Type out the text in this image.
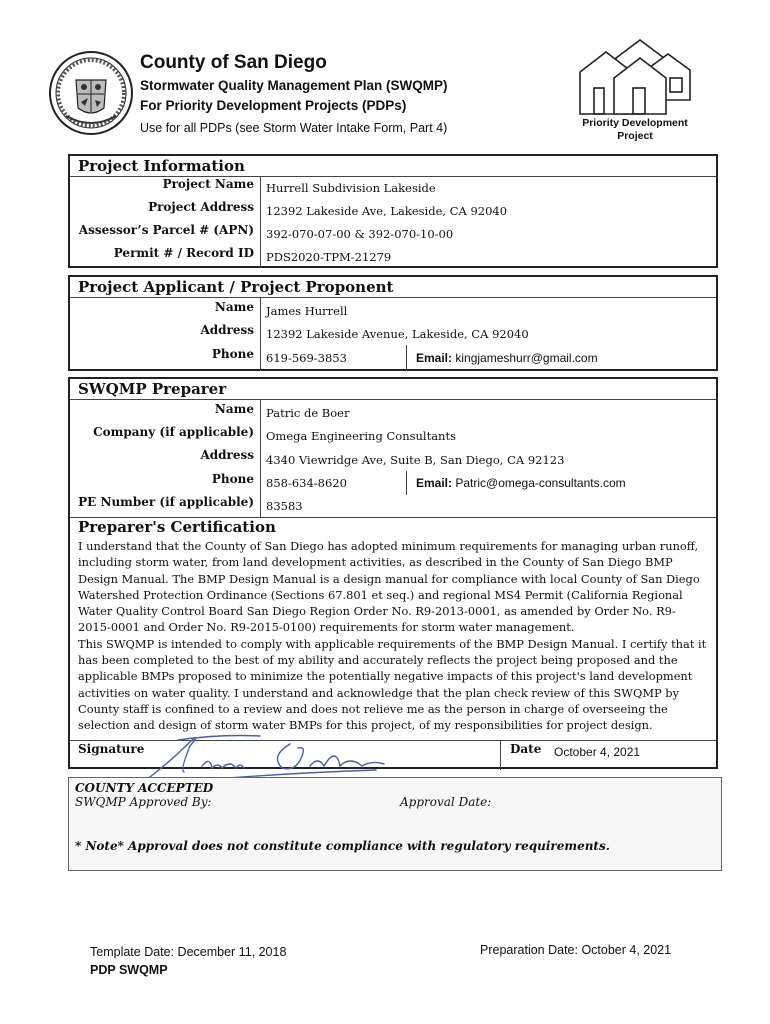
County of San Diego
Stormwater Quality Management Plan (SWQMP)
For Priority Development Projects (PDPs)
Use for all PDPs (see Storm Water Intake Form, Part 4)	Priority Development
Project
Project Information
Project Name Hurrell Subdivision Lakeside
Project Address 12392 Lakeside Ave, Lakeside, CA 92040
Assessor’s Parcel # (APN) 392-070-07-00 & 392-070-10-00
Permit # / Record ID PDS2020-TPM-21279
Project Applicant / Project Proponent
Name James Hurrell
Address 12392 Lakeside Avenue, Lakeside, CA 92040
Phone 619-569-3853	Email: kingjameshurr@gmail.com
SWQMP Preparer
Name Patric de Boer
Company (if applicable) Omega Engineering Consultants
Address 4340 Viewridge Ave, Suite B, San Diego, CA 92123
Phone 858-634-8620	Email: Patric@omega-consultants.com
PE Number (if applicable) 83583
Preparer's Certification

I understand that the County of San Diego has adopted minimum requirements for managing urban runoff, including storm water, from land development activities, as described in the County of San Diego BMP Design Manual. The BMP Design Manual is a design manual for compliance with local County of San Diego Watershed Protection Ordinance (Sections 67.801 et seq.) and regional MS4 Permit (California Regional Water Quality Control Board San Diego Region Order No. R9-2013-0001, as amended by Order No. R9-2015-0001 and Order No. R9-2015-0100) requirements for storm water management.

This SWQMP is intended to comply with applicable requirements of the BMP Design Manual. I certify that it has been completed to the best of my ability and accurately reflects the project being proposed and the applicable BMPs proposed to minimize the potentially negative impacts of this project's land development activities on water quality. I understand and acknowledge that the plan check review of this SWQMP by County staff is confined to a review and does not relieve me as the person in charge of overseeing the selection and design of storm water BMPs for this project, of my responsibilities for project design.

Signature	Date October 4, 2021
COUNTY ACCEPTED
SWQMP Approved By:	Approval Date:
* Note* Approval does not constitute compliance with regulatory requirements.
Template Date: December 11, 2018
PDP SWQMP
Preparation Date: October 4, 2021
